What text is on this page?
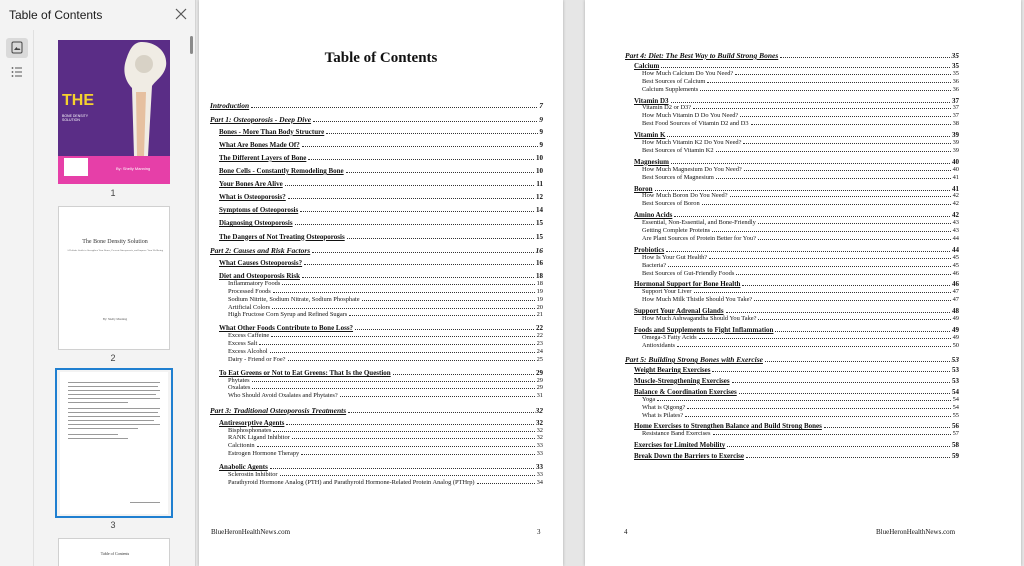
Table of Contents
THE
BONE DENSITY SOLUTION
By: Shelly Manning
1
The Bone Density Solution
A Holistic Guide to Strengthen Your Bones, Prevent Osteoporosis, and Improve Your Wellbeing
By: Shelly Manning
2
3
Table of Contents
Table of Contents
Introduction	7
Part 1: Osteoporosis - Deep Dive	9
Bones - More Than Body Structure	9
What Are Bones Made Of?	9
The Different Layers of Bone	10
Bone Cells - Constantly Remodeling Bone	10
Your Bones Are Alive	11
What is Osteoporosis?	12
Symptoms of Osteoporosis	14
Diagnosing Osteoporosis	15
The Dangers of Not Treating Osteoporosis	15
Part 2: Causes and Risk Factors	16
What Causes Osteoporosis?	16
Diet and Osteoporosis Risk	18
Inflammatory Foods	18
Processed Foods	19
Sodium Nitrite, Sodium Nitrate, Sodium Phosphate	19
Artificial Colors	20
High Fructose Corn Syrup and Refined Sugars	21
What Other Foods Contribute to Bone Loss?	22
Excess Caffeine	22
Excess Salt	23
Excess Alcohol	24
Dairy - Friend or Foe?	25
To Eat Greens or Not to Eat Greens: That Is the Question	29
Phytates	29
Oxalates	29
Who Should Avoid Oxalates and Phytates?	31
Part 3: Traditional Osteoporosis Treatments	32
Antiresorptive Agents	32
Bisphosphonates	32
RANK Ligand Inhibitor	32
Calcitonin	33
Estrogen Hormone Therapy	33
Anabolic Agents	33
Sclerostin Inhibitor	33
Parathyroid Hormone Analog (PTH) and Parathyroid Hormone-Related Protein Analog (PTHrp)	34
BlueHeronHealthNews.com	3
Part 4: Diet: The Best Way to Build Strong Bones	35
Calcium	35
How Much Calcium Do You Need?	35
Best Sources of Calcium	36
Calcium Supplements	36
Vitamin D3	37
Vitamin D2 or D3?	37
How Much Vitamin D Do You Need?	37
Best Food Sources of Vitamin D2 and D3	38
Vitamin K	39
How Much Vitamin K2 Do You Need?	39
Best Sources of Vitamin K2	39
Magnesium	40
How Much Magnesium Do You Need?	40
Best Sources of Magnesium	41
Boron	41
How Much Boron Do You Need?	42
Best Sources of Boron	42
Amino Acids	42
Essential, Non-Essential, and Bone-Friendly	43
Getting Complete Proteins	43
Are Plant Sources of Protein Better for You?	44
Probiotics	44
How Is Your Gut Health?	45
Bacteria?	45
Best Sources of Gut-Friendly Foods	46
Hormonal Support for Bone Health	46
Support Your Liver	47
How Much Milk Thistle Should You Take?	47
Support Your Adrenal Glands	48
How Much Ashwagandha Should You Take?	49
Foods and Supplements to Fight Inflammation	49
Omega-3 Fatty Acids	49
Antioxidants	50
Part 5: Building Strong Bones with Exercise	53
Weight Bearing Exercises	53
Muscle-Strengthening Exercises	53
Balance & Coordination Exercises	54
Yoga	54
What is Qigong?	54
What is Pilates?	55
Home Exercises to Strengthen Balance and Build Strong Bones	56
Resistance Band Exercises	57
Exercises for Limited Mobility	58
Break Down the Barriers to Exercise	59
4	BlueHeronHealthNews.com
